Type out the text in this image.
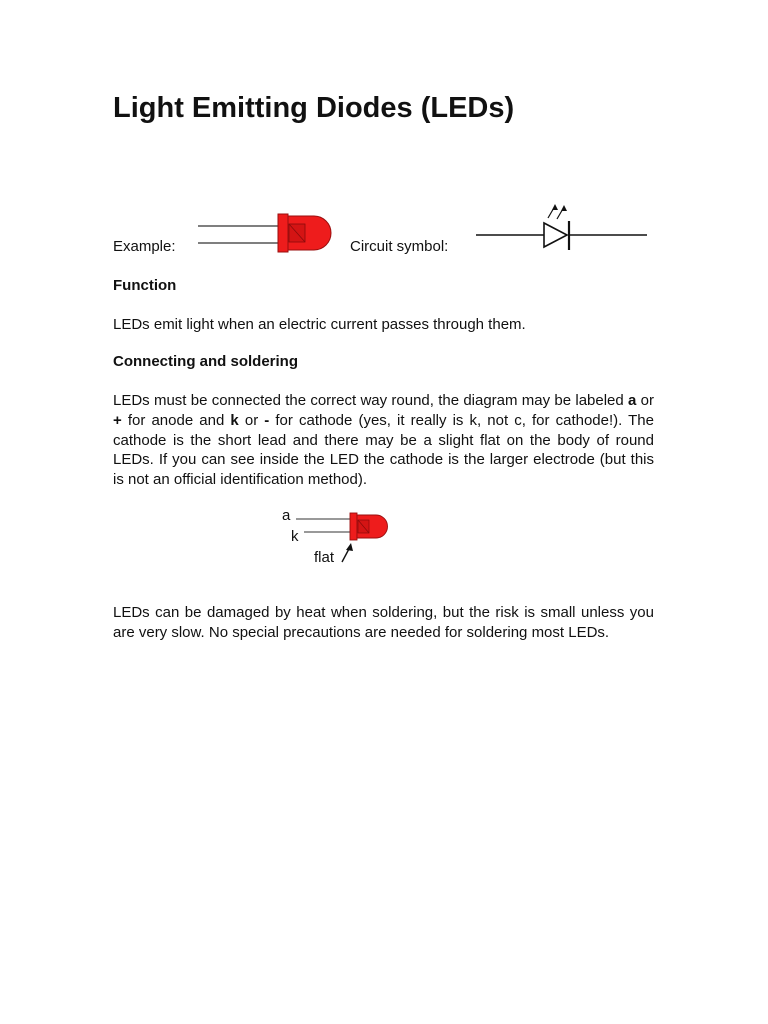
Light Emitting Diodes (LEDs)
Example:	Circuit symbol:
Function

LEDs emit light when an electric current passes through them.

Connecting and soldering

LEDs must be connected the correct way round, the diagram may be labeled a or + for anode and k or - for cathode (yes, it really is k, not c, for cathode!). The cathode is the short lead and there may be a slight flat on the body of round LEDs. If you can see inside the LED the cathode is the larger electrode (but this is not an official identification method).

a
k
flat

LEDs can be damaged by heat when soldering, but the risk is small unless you are very slow. No special precautions are needed for soldering most LEDs.
